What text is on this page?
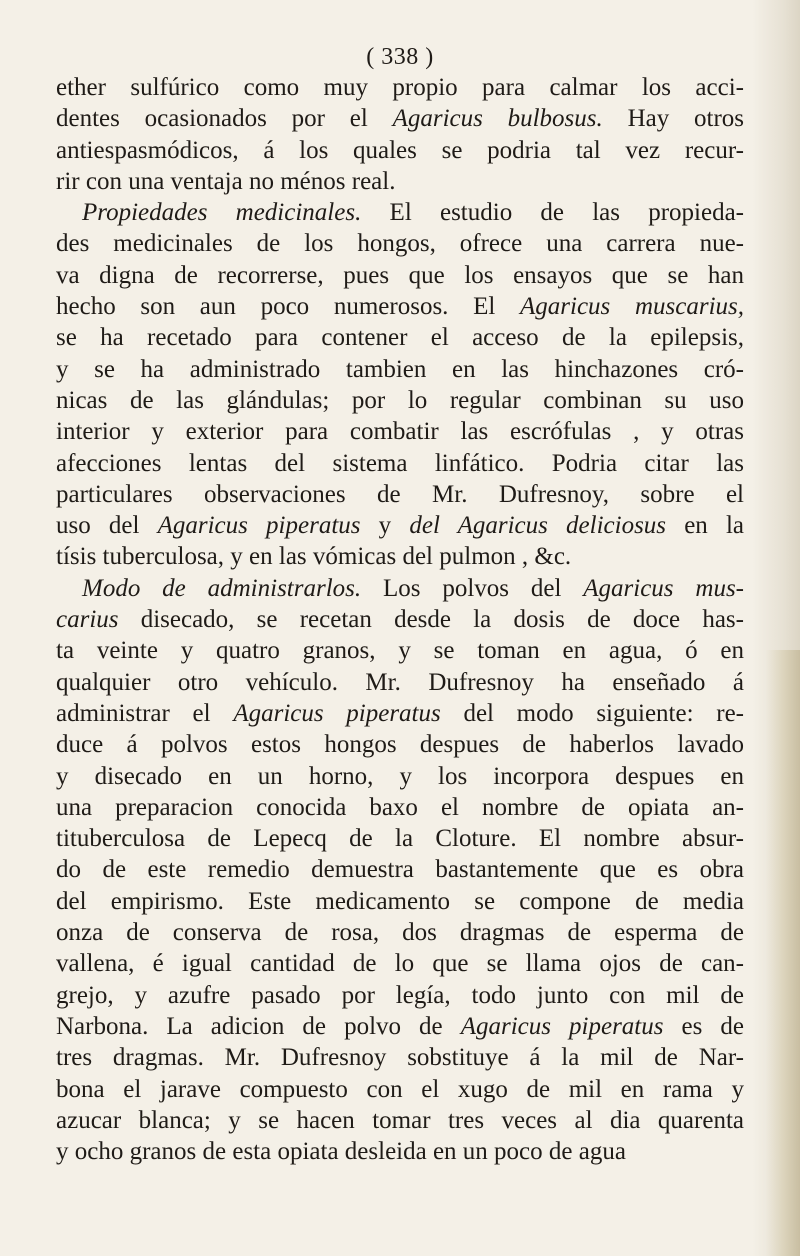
( 338 )
ether sulfúrico como muy propio para calmar los acci-
dentes ocasionados por el Agaricus bulbosus. Hay otros
antiespasmódicos, á los quales se podria tal vez recur-
rir con una ventaja no ménos real.
Propiedades medicinales. El estudio de las propieda-
des medicinales de los hongos, ofrece una carrera nue-
va digna de recorrerse, pues que los ensayos que se han
hecho son aun poco numerosos. El Agaricus muscarius,
se ha recetado para contener el acceso de la epilepsis,
y se ha administrado tambien en las hinchazones cró-
nicas de las glándulas; por lo regular combinan su uso
interior y exterior para combatir las escrófulas , y otras
afecciones lentas del sistema linfático. Podria citar las
particulares observaciones de Mr. Dufresnoy, sobre el
uso del Agaricus piperatus y del Agaricus deliciosus en la
tísis tuberculosa, y en las vómicas del pulmon , &c.
Modo de administrarlos. Los polvos del Agaricus mus-
carius disecado, se recetan desde la dosis de doce has-
ta veinte y quatro granos, y se toman en agua, ó en
qualquier otro vehículo. Mr. Dufresnoy ha enseñado á
administrar el Agaricus piperatus del modo siguiente: re-
duce á polvos estos hongos despues de haberlos lavado
y disecado en un horno, y los incorpora despues en
una preparacion conocida baxo el nombre de opiata an-
tituberculosa de Lepecq de la Cloture. El nombre absur-
do de este remedio demuestra bastantemente que es obra
del empirismo. Este medicamento se compone de media
onza de conserva de rosa, dos dragmas de esperma de
vallena, é igual cantidad de lo que se llama ojos de can-
grejo, y azufre pasado por legía, todo junto con mil de
Narbona. La adicion de polvo de Agaricus piperatus es de
tres dragmas. Mr. Dufresnoy sobstituye á la mil de Nar-
bona el jarave compuesto con el xugo de mil en rama y
azucar blanca; y se hacen tomar tres veces al dia quarenta
y ocho granos de esta opiata desleida en un poco de agua
